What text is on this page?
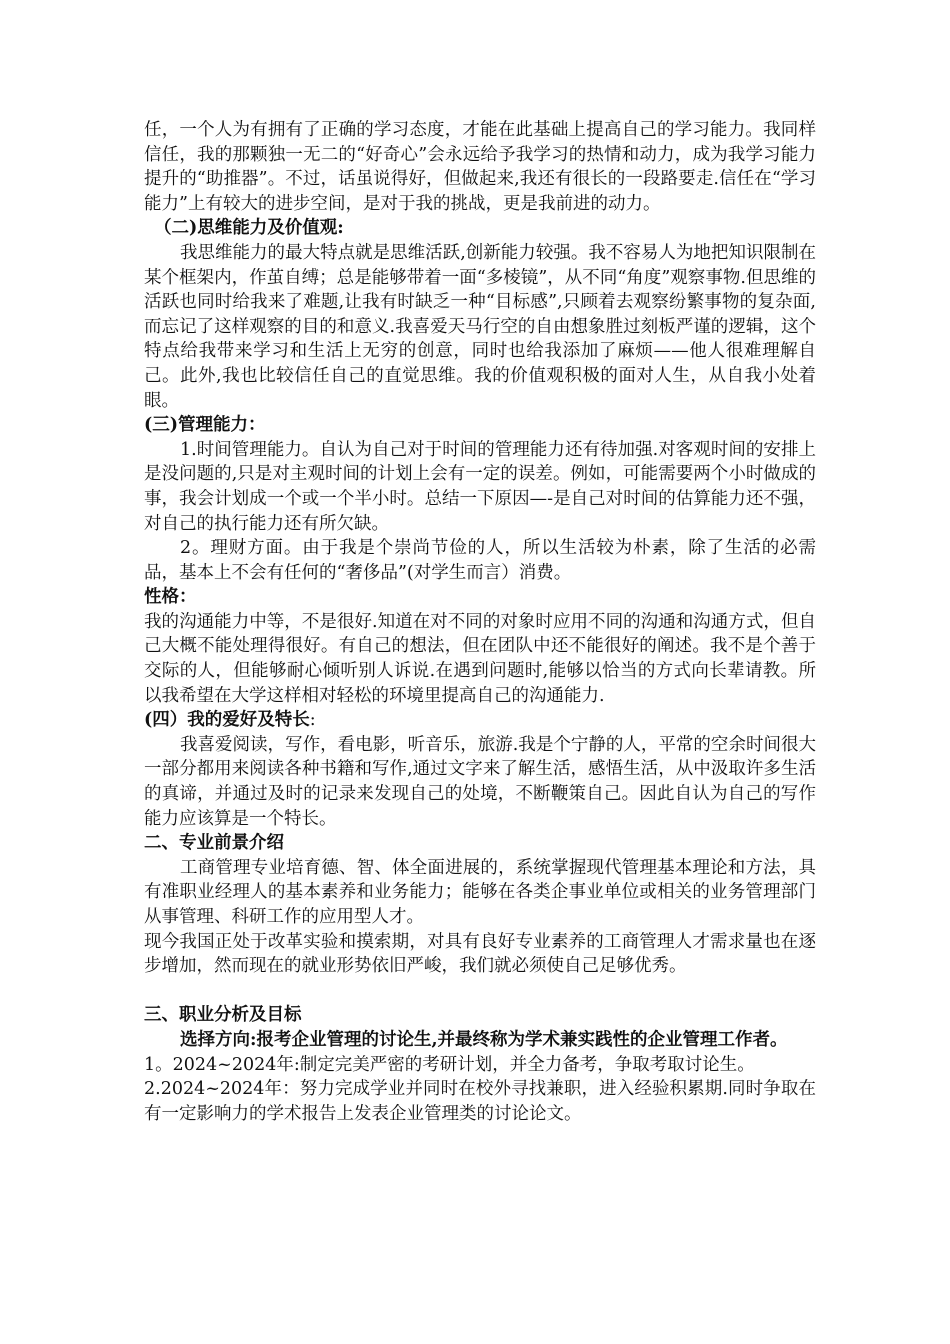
任，一个人为有拥有了正确的学习态度，才能在此基础上提高自己的学习能力。我同样信任，我的那颗独一无二的“好奇心”会永远给予我学习的热情和动力，成为我学习能力提升的“助推器”。不过，话虽说得好，但做起来,我还有很长的一段路要走.信任在“学习能力”上有较大的进步空间，是对于我的挑战，更是我前进的动力。

（二)思维能力及价值观:

我思维能力的最大特点就是思维活跃,创新能力较强。我不容易人为地把知识限制在某个框架内，作茧自缚；总是能够带着一面“多棱镜”，从不同“角度”观察事物.但思维的活跃也同时给我来了难题,让我有时缺乏一种“目标感”,只顾着去观察纷繁事物的复杂面,而忘记了这样观察的目的和意义.我喜爱天马行空的自由想象胜过刻板严谨的逻辑，这个特点给我带来学习和生活上无穷的创意，同时也给我添加了麻烦——他人很难理解自己。此外,我也比较信任自己的直觉思维。我的价值观积极的面对人生，从自我小处着眼。

(三)管理能力：

1.时间管理能力。自认为自己对于时间的管理能力还有待加强.对客观时间的安排上是没问题的,只是对主观时间的计划上会有一定的误差。例如，可能需要两个小时做成的事，我会计划成一个或一个半小时。总结一下原因—-是自己对时间的估算能力还不强，对自己的执行能力还有所欠缺。

2。理财方面。由于我是个崇尚节俭的人，所以生活较为朴素，除了生活的必需品，基本上不会有任何的“奢侈品”(对学生而言）消费。

性格：

我的沟通能力中等，不是很好.知道在对不同的对象时应用不同的沟通和沟通方式，但自己大概不能处理得很好。有自己的想法，但在团队中还不能很好的阐述。我不是个善于交际的人，但能够耐心倾听别人诉说.在遇到问题时,能够以恰当的方式向长辈请教。所以我希望在大学这样相对轻松的环境里提高自己的沟通能力.

(四）我的爱好及特长:

我喜爱阅读，写作，看电影，听音乐，旅游.我是个宁静的人，平常的空余时间很大一部分都用来阅读各种书籍和写作,通过文字来了解生活，感悟生活，从中汲取许多生活的真谛，并通过及时的记录来发现自己的处境，不断鞭策自己。因此自认为自己的写作能力应该算是一个特长。

二、专业前景介绍

工商管理专业培育德、智、体全面进展的，系统掌握现代管理基本理论和方法，具有准职业经理人的基本素养和业务能力；能够在各类企事业单位或相关的业务管理部门从事管理、科研工作的应用型人才。

现今我国正处于改革实验和摸索期，对具有良好专业素养的工商管理人才需求量也在逐步增加，然而现在的就业形势依旧严峻，我们就必须使自己足够优秀。

三、职业分析及目标

选择方向:报考企业管理的讨论生,并最终称为学术兼实践性的企业管理工作者。

1。2024~2024年:制定完美严密的考研计划，并全力备考，争取考取讨论生。

2.2024~2024年：努力完成学业并同时在校外寻找兼职，进入经验积累期.同时争取在有一定影响力的学术报告上发表企业管理类的讨论论文。
